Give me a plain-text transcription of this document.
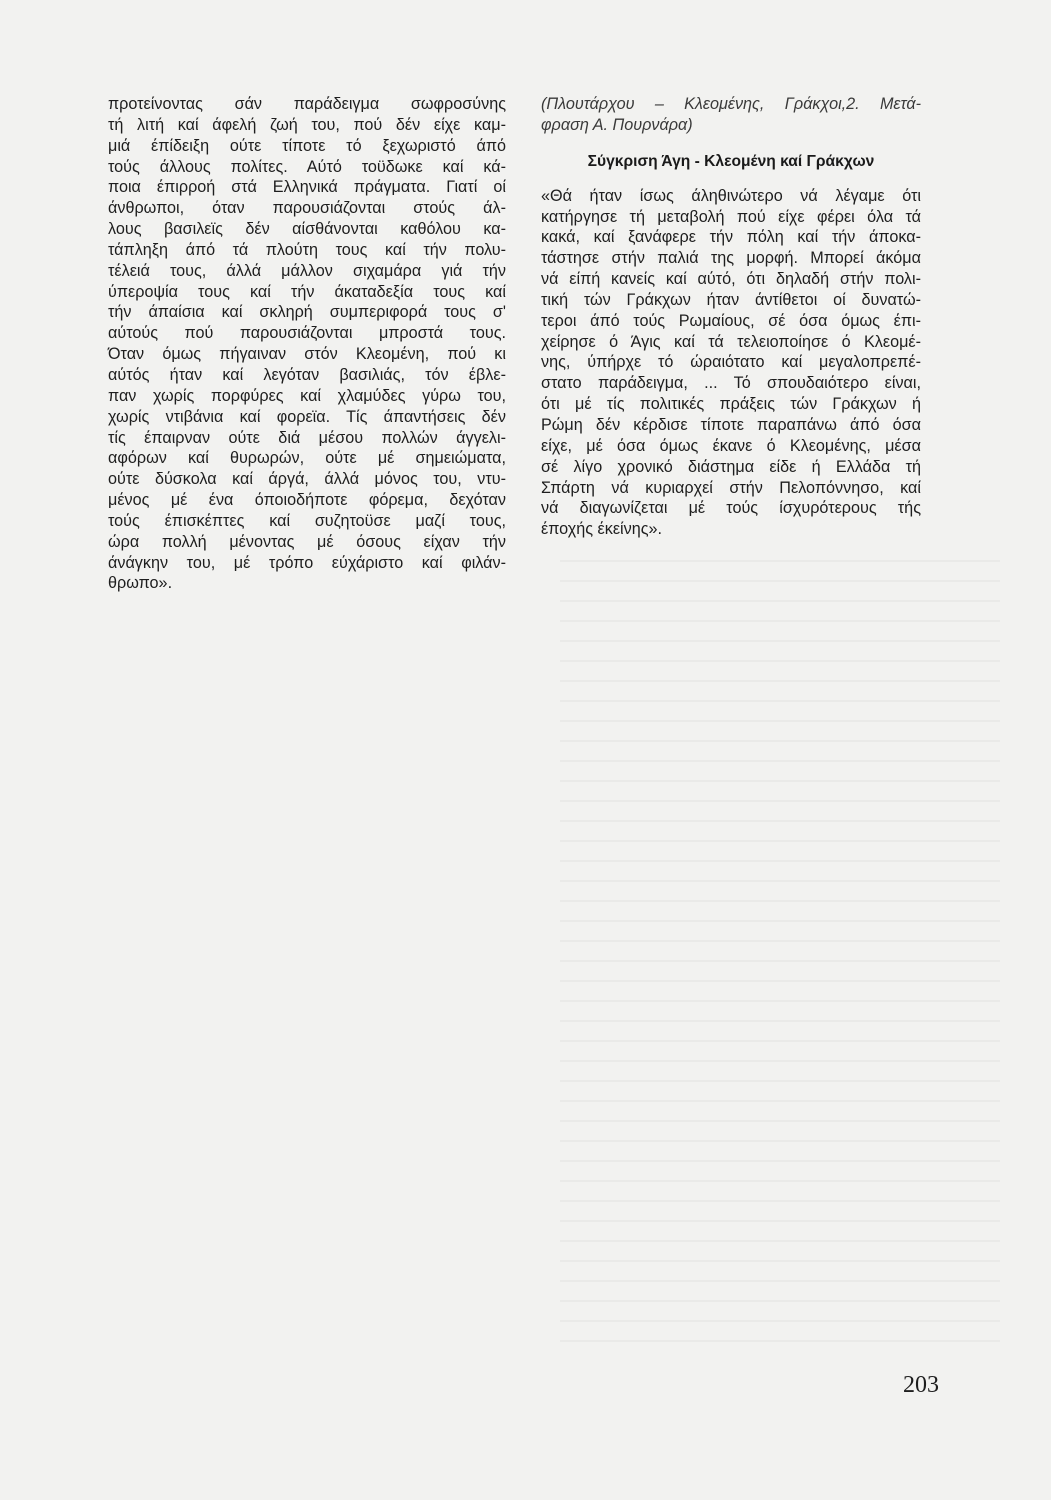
προτείνοντας σάν παράδειγμα σωφροσύνης
τή λιτή καί άφελή ζωή του, πού δέν είχε καμ-
μιά έπίδειξη ούτε τίποτε τό ξεχωριστό άπό
τούς άλλους πολίτες. Αύτό τοϋδωκε καί κά-
ποια έπιρροή στά Ελληνικά πράγματα. Γιατί οί
άνθρωποι, όταν παρουσιάζονται στούς άλ-
λους βασιλεϊς δέν αίσθάνονται καθόλου κα-
τάπληξη άπό τά πλούτη τους καί τήν πολυ-
τέλειά τους, άλλά μάλλον σιχαμάρα γιά τήν
ύπεροψία τους καί τήν άκαταδεξία τους καί
τήν άπαίσια καί σκληρή συμπεριφορά τους σ'
αύτούς πού παρουσιάζονται μπροστά τους.
Όταν όμως πήγαιναν στόν Κλεομένη, πού κι
αύτός ήταν καί λεγόταν βασιλιάς, τόν έβλε-
παν χωρίς πορφύρες καί χλαμύδες γύρω του,
χωρίς ντιβάνια καί φορεϊα. Τίς άπαντήσεις δέν
τίς έπαιρναν ούτε διά μέσου πολλών άγγελι-
αφόρων καί θυρωρών, ούτε μέ σημειώματα,
ούτε δύσκολα καί άργά, άλλά μόνος του, ντυ-
μένος μέ ένα όποιοδήποτε φόρεμα, δεχόταν
τούς έπισκέπτες καί συζητοϋσε μαζί τους,
ώρα πολλή μένοντας μέ όσους είχαν τήν
άνάγκην του, μέ τρόπο εύχάριστο καί φιλάν-
θρωπο».

(Πλουτάρχου – Κλεομένης, Γράκχοι,2. Μετά-
φραση Α. Πουρνάρα)

Σύγκριση Άγη - Κλεομένη καί Γράκχων

«Θά ήταν ίσως άληθινώτερο νά λέγαμε ότι
κατήργησε τή μεταβολή πού είχε φέρει όλα τά
κακά, καί ξανάφερε τήν πόλη καί τήν άποκα-
τάστησε στήν παλιά της μορφή. Μπορεί άκόμα
νά είπή κανείς καί αύτό, ότι δηλαδή στήν πολι-
τική τών Γράκχων ήταν άντίθετοι οί δυνατώ-
τεροι άπό τούς Ρωμαίους, σέ όσα όμως έπι-
χείρησε ό Άγις καί τά τελειοποίησε ό Κλεομέ-
νης, ύπήρχε τό ώραιότατο καί μεγαλοπρεπέ-
στατο παράδειγμα, ... Τό σπουδαιότερο είναι,
ότι μέ τίς πολιτικές πράξεις τών Γράκχων ή
Ρώμη δέν κέρδισε τίποτε παραπάνω άπό όσα
είχε, μέ όσα όμως έκανε ό Κλεομένης, μέσα
σέ λίγο χρονικό διάστημα είδε ή Ελλάδα τή
Σπάρτη νά κυριαρχεί στήν Πελοπόννησο, καί
νά διαγωνίζεται μέ τούς ίσχυρότερους τής
έποχής έκείνης».

203
